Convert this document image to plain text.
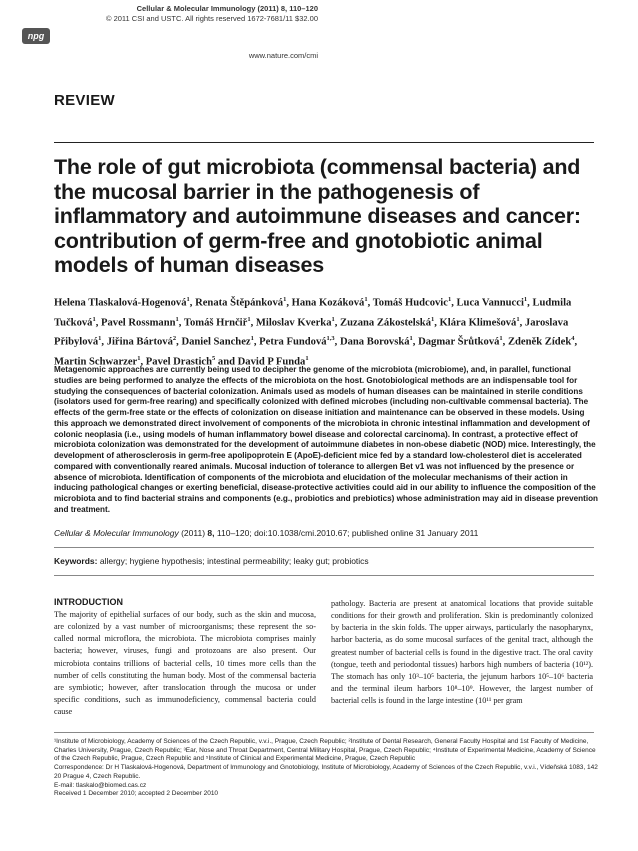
npg
Cellular & Molecular Immunology (2011) 8, 110–120
© 2011 CSI and USTC. All rights reserved 1672-7681/11 $32.00
www.nature.com/cmi
REVIEW
The role of gut microbiota (commensal bacteria) and the mucosal barrier in the pathogenesis of inflammatory and autoimmune diseases and cancer: contribution of germ-free and gnotobiotic animal models of human diseases

Helena Tlaskalová-Hogenová$^1$, Renata Štěpánková$^1$, Hana Kozáková$^1$, Tomáš Hudcovic$^1$, Luca Vannucci$^1$, Ludmila Tučková$^1$, Pavel Rossmann$^1$, Tomáš Hrnčiř$^1$, Miloslav Kverka$^1$, Zuzana Zákostelská$^1$, Klára Klimešová$^1$, Jaroslava Přibylová$^1$, Jiřina Bártová$^2$, Daniel Sanchez$^1$, Petra Fundová$^{1,3}$, Dana Borovská$^1$, Dagmar Šrůtková$^1$, Zdeněk Zídek$^4$, Martin Schwarzer$^1$, Pavel Drastich$^5$ and David P Funda$^1$

Metagenomic approaches are currently being used to decipher the genome of the microbiota (microbiome), and, in parallel, functional studies are being performed to analyze the effects of the microbiota on the host. Gnotobiological methods are an indispensable tool for studying the consequences of bacterial colonization. Animals used as models of human diseases can be maintained in sterile conditions (isolators used for germ-free rearing) and specifically colonized with defined microbes (including non-cultivable commensal bacteria). The effects of the germ-free state or the effects of colonization on disease initiation and maintenance can be observed in these models. Using this approach we demonstrated direct involvement of components of the microbiota in chronic intestinal inflammation and development of colonic neoplasia (i.e., using models of human inflammatory bowel disease and colorectal carcinoma). In contrast, a protective effect of microbiota colonization was demonstrated for the development of autoimmune diabetes in non-obese diabetic (NOD) mice. Interestingly, the development of atherosclerosis in germ-free apolipoprotein E (ApoE)-deficient mice fed by a standard low-cholesterol diet is accelerated compared with conventionally reared animals. Mucosal induction of tolerance to allergen Bet v1 was not influenced by the presence or absence of microbiota. Identification of components of the microbiota and elucidation of the molecular mechanisms of their action in inducing pathological changes or exerting beneficial, disease-protective activities could aid in our ability to influence the composition of the microbiota and to find bacterial strains and components (e.g., probiotics and prebiotics) whose administration may aid in disease prevention and treatment.

Cellular & Molecular Immunology (2011) 8, 110–120; doi:10.1038/cmi.2010.67; published online 31 January 2011

Keywords: allergy; hygiene hypothesis; intestinal permeability; leaky gut; probiotics

INTRODUCTION

The majority of epithelial surfaces of our body, such as the skin and mucosa, are colonized by a vast number of microorganisms; these represent the so-called normal microflora, the microbiota. The microbiota comprises mainly bacteria; however, viruses, fungi and protozoans are also present. Our microbiota contains trillions of bacterial cells, 10 times more cells than the number of cells constituting the human body. Most of the commensal bacteria are symbiotic; however, after translocation through the mucosa or under specific conditions, such as immunodeficiency, commensal bacteria could cause

pathology. Bacteria are present at anatomical locations that provide suitable conditions for their growth and proliferation. Skin is predominantly colonized by bacteria in the skin folds. The upper airways, particularly the nasopharynx, harbor bacteria, as do some mucosal surfaces of the genital tract, although the greatest number of bacterial cells is found in the digestive tract. The oral cavity (tongue, teeth and periodontal tissues) harbors high numbers of bacteria (10¹²). The stomach has only 10³–10⁵ bacteria, the jejunum harbors 10⁵–10⁶ bacteria and the terminal ileum harbors 10⁸–10⁹. However, the largest number of bacterial cells is found in the large intestine (10¹¹ per gram

¹Institute of Microbiology, Academy of Sciences of the Czech Republic, v.v.i., Prague, Czech Republic; ²Institute of Dental Research, General Faculty Hospital and 1st Faculty of Medicine, Charles University, Prague, Czech Republic; ³Ear, Nose and Throat Department, Central Military Hospital, Prague, Czech Republic; ⁴Institute of Experimental Medicine, Academy of Science of the Czech Republic, Prague, Czech Republic and ⁵Institute of Clinical and Experimental Medicine, Prague, Czech Republic
Correspondence: Dr H Tlaskalová-Hogenová, Department of Immunology and Gnotobiology, Institute of Microbiology, Academy of Sciences of the Czech Republic, v.v.i., Vídeňská 1083, 142 20 Prague 4, Czech Republic.
E-mail: tlaskalo@biomed.cas.cz
Received 1 December 2010; accepted 2 December 2010
